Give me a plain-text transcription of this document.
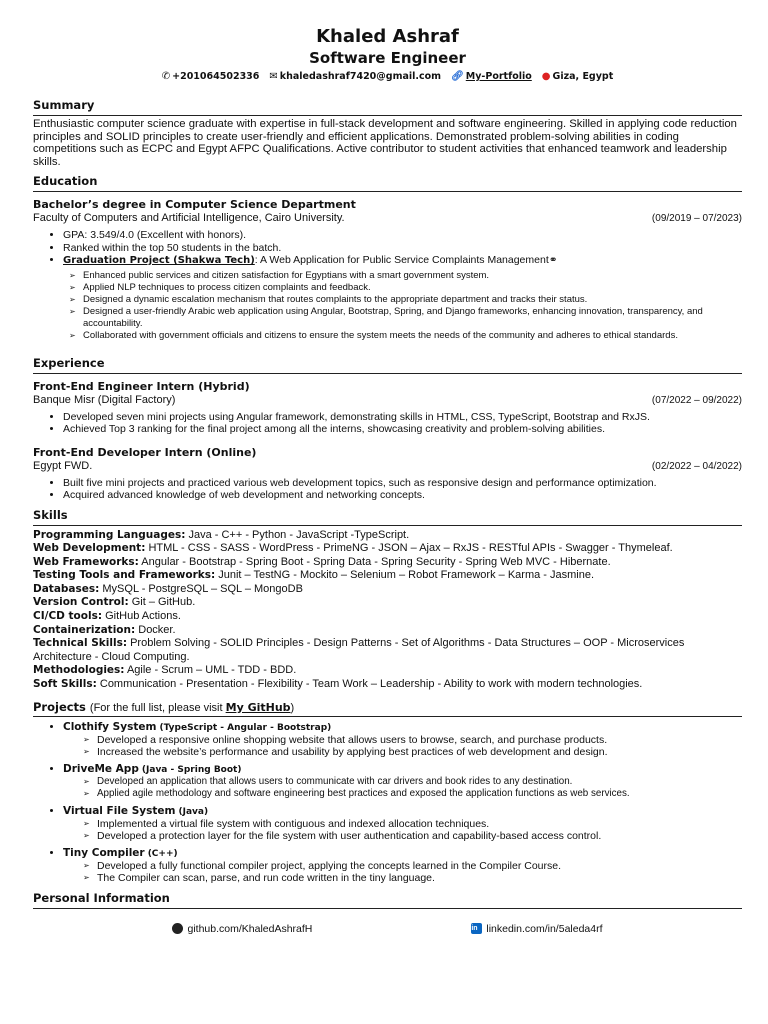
Khaled Ashraf
Software Engineer
✆ +201064502336 ✉ khaledashraf7420@gmail.com 🔗︎ My-Portfolio ● Giza, Egypt
Summary

Enthusiastic computer science graduate with expertise in full-stack development and software engineering. Skilled in applying code reduction principles and SOLID principles to create user-friendly and efficient applications. Demonstrated problem-solving abilities in coding competitions such as ECPC and Egypt AFPC Qualifications. Active contributor to student activities that enhanced teamwork and leadership skills.

Education
Bachelor’s degree in Computer Science Department
Faculty of Computers and Artificial Intelligence, Cairo University.	(09/2019 – 07/2023)
• GPA: 3.549/4.0 (Excellent with honors).
• Ranked within the top 50 students in the batch.
• Graduation Project (Shakwa Tech): A Web Application for Public Service Complaints Management⚭
➢ Enhanced public services and citizen satisfaction for Egyptians with a smart government system.
➢ Applied NLP techniques to process citizen complaints and feedback.
➢ Designed a dynamic escalation mechanism that routes complaints to the appropriate department and tracks their status.
➢ Designed a user-friendly Arabic web application using Angular, Bootstrap, Spring, and Django frameworks, enhancing innovation, transparency, and accountability.
➢ Collaborated with government officials and citizens to ensure the system meets the needs of the community and adheres to ethical standards.
Experience
Front-End Engineer Intern (Hybrid)
Banque Misr (Digital Factory)	(07/2022 – 09/2022)
• Developed seven mini projects using Angular framework, demonstrating skills in HTML, CSS, TypeScript, Bootstrap and RxJS.
• Achieved Top 3 ranking for the final project among all the interns, showcasing creativity and problem-solving abilities.
Front-End Developer Intern (Online)
Egypt FWD.	(02/2022 – 04/2022)
• Built five mini projects and practiced various web development topics, such as responsive design and performance optimization.
• Acquired advanced knowledge of web development and networking concepts.
Skills
Programming Languages: Java - C++ - Python - JavaScript -TypeScript.
Web Development: HTML - CSS - SASS - WordPress - PrimeNG - JSON – Ajax – RxJS - RESTful APIs - Swagger - Thymeleaf.
Web Frameworks: Angular - Bootstrap - Spring Boot - Spring Data - Spring Security - Spring Web MVC - Hibernate.
Testing Tools and Frameworks: Junit – TestNG - Mockito – Selenium – Robot Framework – Karma - Jasmine.
Databases: MySQL - PostgreSQL – SQL – MongoDB
Version Control: Git – GitHub.
CI/CD tools: GitHub Actions.
Containerization: Docker.
Technical Skills: Problem Solving - SOLID Principles - Design Patterns - Set of Algorithms - Data Structures – OOP - Microservices Architecture - Cloud Computing.
Methodologies: Agile - Scrum – UML - TDD - BDD.
Soft Skills: Communication - Presentation - Flexibility - Team Work – Leadership - Ability to work with modern technologies.
Projects (For the full list, please visit My GitHub)
• Clothify System (TypeScript - Angular - Bootstrap)
➢ Developed a responsive online shopping website that allows users to browse, search, and purchase products.
➢ Increased the website’s performance and usability by applying best practices of web development and design.
• DriveMe App (Java - Spring Boot)
➢ Developed an application that allows users to communicate with car drivers and book rides to any destination.
➢ Applied agile methodology and software engineering best practices and exposed the application functions as web services.
• Virtual File System (Java)
➢ Implemented a virtual file system with contiguous and indexed allocation techniques.
➢ Developed a protection layer for the file system with user authentication and capability-based access control.
• Tiny Compiler (C++)
➢ Developed a fully functional compiler project, applying the concepts learned in the Compiler Course.
➢ The Compiler can scan, parse, and run code written in the tiny language.
Personal Information
github.com/KhaledAshrafH	in linkedin.com/in/5aleda4rf
